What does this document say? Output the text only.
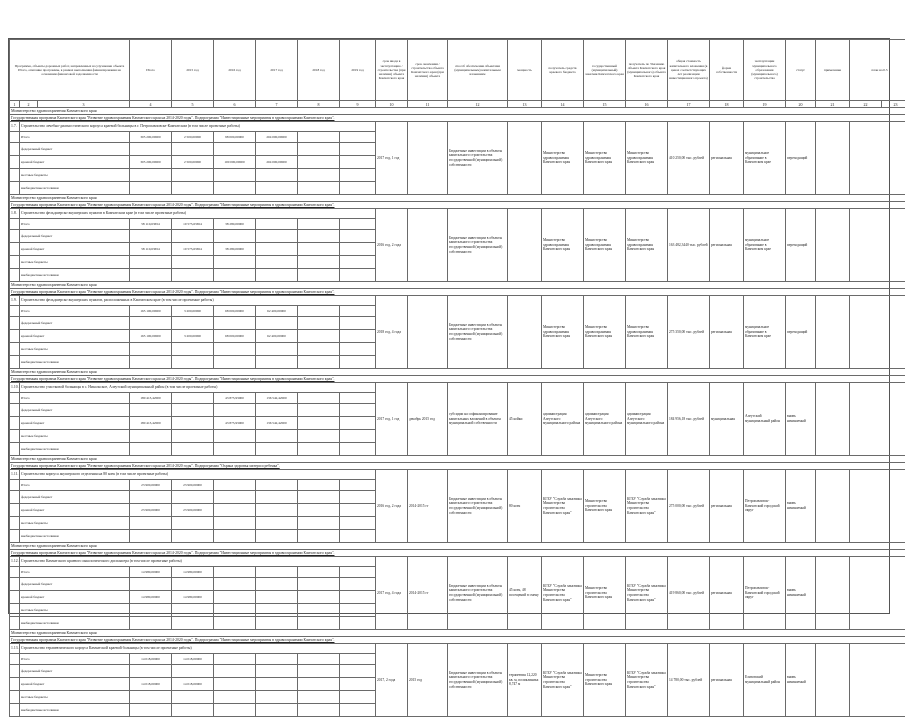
Программа, объекты дорожных работ, направленных на улучшение объекта Итого, описание программы, в рамках выполнения финансирования на основании финансовой задолженности			Итого	2015 год	2016 год	2017 год	2018 год	2019 год	срок ввода в эксплуатацию / строительства (при наличии) объекта Камчатского края	срок окончания / строительства объекта Камчатского края (при наличии) объекта	способ обеспечения объектами (муниципальным) капитальным вложением	мощность	получатель средств краевого бюджета	государственный (муниципальный) заказчик Камчатского края	получатель по Указанию объекта Камчатского края (муниципального) объекта Камчатского края	общая стоимость капитального вложения (в ценах соответствующих лет реализации инвестиционного проекта)	форма собственности	эксплуатации муниципального образования (муниципального) строительства	статус	примечание	план на 0.5	
1	2	3	4	5	6	7	8	9	10	11	12	13	14	15	16	17	18	19	20	21	22	23
Министерство здравоохранения Камчатского края																						
Государственная программа Камчатского края "Развитие здравоохранения Камчатского края на 2014-2020 годы". Подпрограмма "Инвестиционные мероприятия в здравоохранении Камчатского края".																						
1.7.	Строительство лечебно-диагностического корпуса краевой больницы в г. Петропавловске-Камчатском (в том числе проектные работы)								2017 год, 1 год		Бюджетные инвестиции в объекты капитального строительства государственной (муниципальной) собственности		Министерство здравоохранения Камчатского края	Министерство здравоохранения Камчатского края	Министерство здравоохранения Камчатского края	410 250,00 тыс. рублей	региональная	муниципальное образование в Камчатском крае	переходящий			
	Итого		305 200,00000	2 500,00000	98 000,00000	204 000,00000																
	федеральный бюджет																					
	краевой бюджет		305 200,00000	2 500,00000	100 000,00000	204 000,00000																
	местные бюджеты																					
	внебюджетные источники																					
Министерство здравоохранения Камчатского края																						
Государственная программа Камчатского края "Развитие здравоохранения Камчатского края на 2014-2020 годы". Подпрограмма "Инвестиционные мероприятия в здравоохранении Камчатского края".																						
1.8.	Строительство фельдшерско-акушерских пунктов в Камчатском крае (в том числе проектные работы)								2016 год, 2 года		Бюджетные инвестиции в объекты капитального строительства государственной (муниципальной) собственности		Министерство здравоохранения Камчатского края	Министерство здравоохранения Камчатского края	Министерство здравоохранения Камчатского края	163 482,3440 тыс. рублей	региональная	муниципальное образование в Камчатском крае	переходящий			
	Итого		58 110,63654	10 573,63654	38 280,00000																	
	федеральный бюджет																					
	краевой бюджет		58 110,63654	10 573,63654	38 280,00000																	
	местные бюджеты																					
	внебюджетные источники																					
Министерство здравоохранения Камчатского края																						
Государственная программа Камчатского края "Развитие здравоохранения Камчатского края на 2014-2020 годы". Подпрограмма "Инвестиционные мероприятия в здравоохранении Камчатского края".																						
1.9.	Строительство фельдшерско-акушерских пунктов, расположенных в Камчатском крае (в том числе проектные работы)								2018 год, 4 года		Бюджетные инвестиции в объекты капитального строительства государственной (муниципальной) собственности		Министерство здравоохранения Камчатского края	Министерство здравоохранения Камчатского края	Министерство здравоохранения Камчатского края	275 350,00 тыс. рублей	региональная	муниципальное образование в Камчатском крае	переходящий			
	Итого		165 100,00000	3 200,00000	68 000,00000	62 400,00000																
	федеральный бюджет																					
	краевой бюджет		165 100,00000	3 200,00000	68 000,00000	62 400,00000																
	местные бюджеты																					
	внебюджетные источники																					
Министерство здравоохранения Камчатского края																						
Государственная программа Камчатского края "Развитие здравоохранения Камчатского края на 2014-2020 годы". Подпрограмма "Инвестиционные мероприятия в здравоохранении Камчатского края".																						
1.10.	Строительство участковой больницы в с. Никольское, Алеутский муниципальный район (в том числе проектные работы)								2017 год, 1 год	декабрь 2015 год	субсидии на софинансирование капитальных вложений в объекты муниципальной собственности	45 койки	администрация Алеутского муниципального района	администрация Алеутского муниципального района	администрация Алеутского муниципального района	184 956,18 тыс. рублей	муниципальная	Алеутский муниципальный район	вновь начинаемый			
	Итого		180 413,42000		43 873,93000	136 542,42000																
	федеральный бюджет																					
	краевой бюджет		180 413,42000		43 873,93000	136 542,42000																
	местные бюджеты																					
	внебюджетные источники																					
Министерство здравоохранения Камчатского края																						
Государственная программа Камчатского края "Развитие здравоохранения Камчатского края на 2014-2020 годы". Подпрограмма "Охрана здоровья матери и ребенка".																						
1.11.	Строительство корпуса акушерского отделения на 80 коек (в том числе проектные работы)								2016 год, 2 года	2014-2015 гг	Бюджетные инвестиции в объекты капитального строительства государственной (муниципальной) собственности	80 коек	КГБУ "Служба заказчика Министерства строительства Камчатского края"	Министерство строительства Камчатского края	КГБУ "Служба заказчика Министерства строительства Камчатского края"	275 000,00 тыс. рублей	региональная	Петропавловск-Камчатский городской округ	вновь начинаемый			
	Итого		23 900,00000	23 900,00000																		
	федеральный бюджет																					
	краевой бюджет		23 900,00000	23 900,00000																		
	местные бюджеты																					
	внебюджетные источники																					
Министерство здравоохранения Камчатского края																						
Государственная программа Камчатского края "Развитие здравоохранения Камчатского края на 2014-2020 годы". Подпрограмма "Инвестиционные мероприятия в здравоохранении Камчатского края".																						
1.12.	Строительство Камчатского краевого онкологического диспансера (в том числе проектные работы)								2017 год, 4 года	2014-2015 гг	Бюджетные инвестиции в объекты капитального строительства государственной (муниципальной) собственности	45 коек, 48 посещений в смену	КГБУ "Служба заказчика Министерства строительства Камчатского края"	Министерство строительства Камчатского края	КГБУ "Служба заказчика Министерства строительства Камчатского края"	419 860,00 тыс. рублей	региональная	Петропавловск-Камчатский городской округ	вновь начинаемый			
	Итого		14 980,00000	14 980,00000																		
	федеральный бюджет																					
	краевой бюджет		14 980,00000	14 980,00000																		
	местные бюджеты																					
	внебюджетные источники																					
Министерство здравоохранения Камчатского края																						
Государственная программа Камчатского края "Развитие здравоохранения Камчатского края на 2014-2020 годы". Подпрограмма "Инвестиционные мероприятия в здравоохранении Камчатского края".																						
1.13.	Строительство терапевтического корпуса Камчатской краевой больницы (в том числе проектные работы)								2017, 2 года	2015 год	Бюджетные инвестиции в объекты капитального строительства государственной (муниципальной) собственности	терапевтия 12,220 кв. м, поликлиника 8,747 м	КГБУ "Служба заказчика Министерства строительства Камчатского края"	Министерство строительства Камчатского края	КГБУ "Служба заказчика Министерства строительства Камчатского края"	14 780,00 тыс. рублей	региональная	Елизовский муниципальный район	вновь начинаемый			
	Итого		14 018,00000	14 018,00000																		
	федеральный бюджет																					
	краевой бюджет		14 018,00000	14 018,00000																		
	местные бюджеты																					
	внебюджетные источники																					
